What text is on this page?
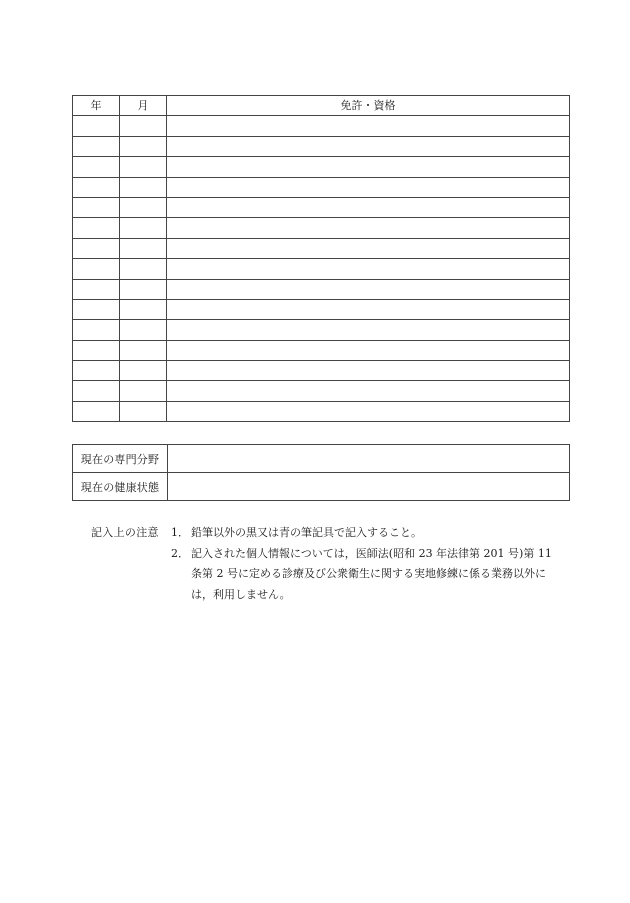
年	月	免許・資格

現在の専門分野	
現在の健康状態	
記入上の注意	1． 鉛筆以外の黒又は青の筆記具で記入すること。
2． 記入された個人情報については，医師法(昭和 23 年法律第 201 号)第 11 条第 2 号に定める診療及び公衆衛生に関する実地修練に係る業務以外には，利用しません。
